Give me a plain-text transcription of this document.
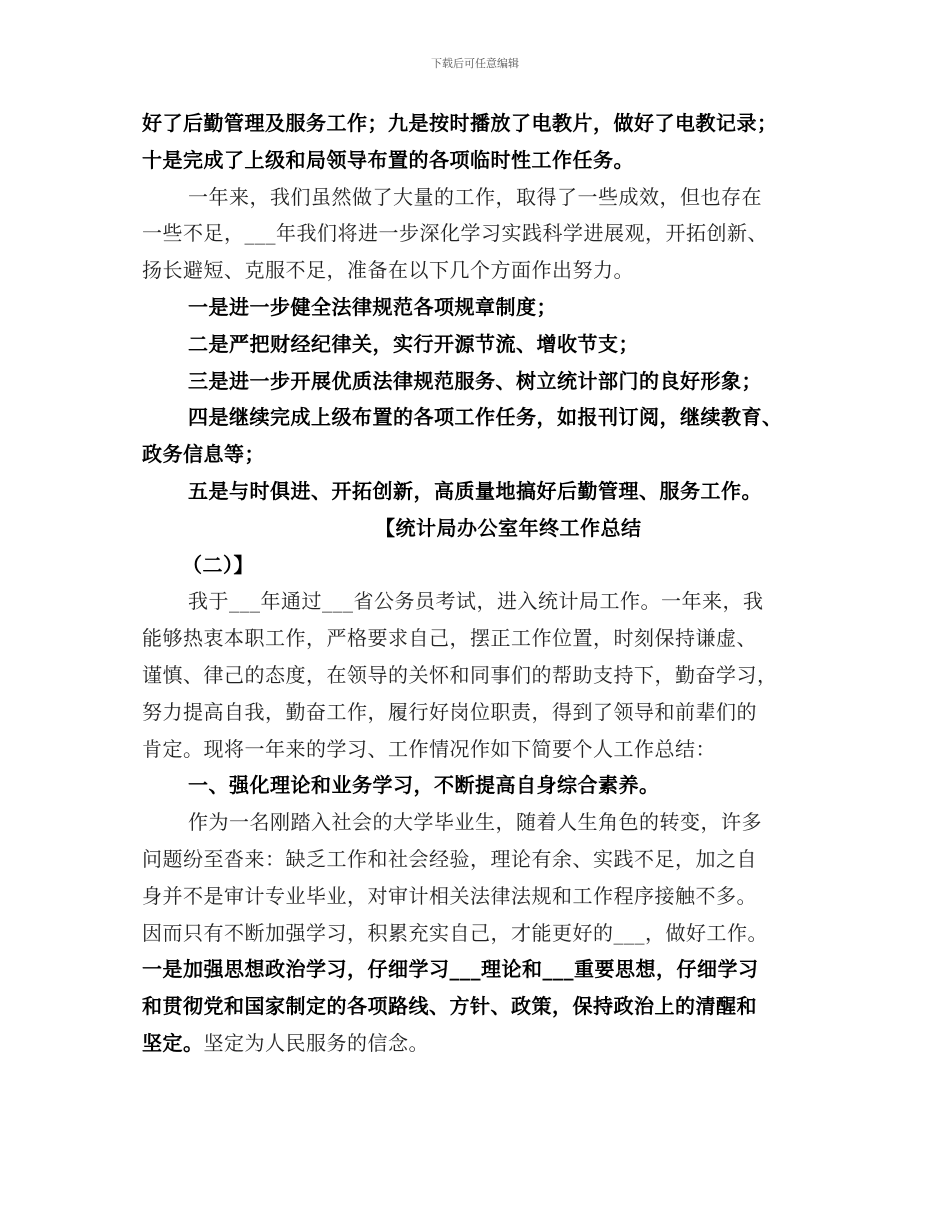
下载后可任意编辑
好了后勤管理及服务工作；九是按时播放了电教片，做好了电教记录；
十是完成了上级和局领导布置的各项临时性工作任务。
一年来，我们虽然做了大量的工作，取得了一些成效，但也存在
一些不足，___年我们将进一步深化学习实践科学进展观，开拓创新、
扬长避短、克服不足，准备在以下几个方面作出努力。
一是进一步健全法律规范各项规章制度；
二是严把财经纪律关，实行开源节流、增收节支；
三是进一步开展优质法律规范服务、树立统计部门的良好形象；
四是继续完成上级布置的各项工作任务，如报刊订阅，继续教育、
政务信息等；
五是与时俱进、开拓创新，高质量地搞好后勤管理、服务工作。
【统计局办公室年终工作总结
（二）】
我于___年通过___省公务员考试，进入统计局工作。一年来，我
能够热衷本职工作，严格要求自己，摆正工作位置，时刻保持谦虚、
谨慎、律己的态度，在领导的关怀和同事们的帮助支持下，勤奋学习，
努力提高自我，勤奋工作，履行好岗位职责，得到了领导和前辈们的
肯定。现将一年来的学习、工作情况作如下简要个人工作总结：
一、强化理论和业务学习，不断提高自身综合素养。
作为一名刚踏入社会的大学毕业生，随着人生角色的转变，许多
问题纷至沓来：缺乏工作和社会经验，理论有余、实践不足，加之自
身并不是审计专业毕业，对审计相关法律法规和工作程序接触不多。
因而只有不断加强学习，积累充实自己，才能更好的___，做好工作。
一是加强思想政治学习，仔细学习___理论和___重要思想，仔细学习
和贯彻党和国家制定的各项路线、方针、政策，保持政治上的清醒和
坚定。坚定为人民服务的信念。
